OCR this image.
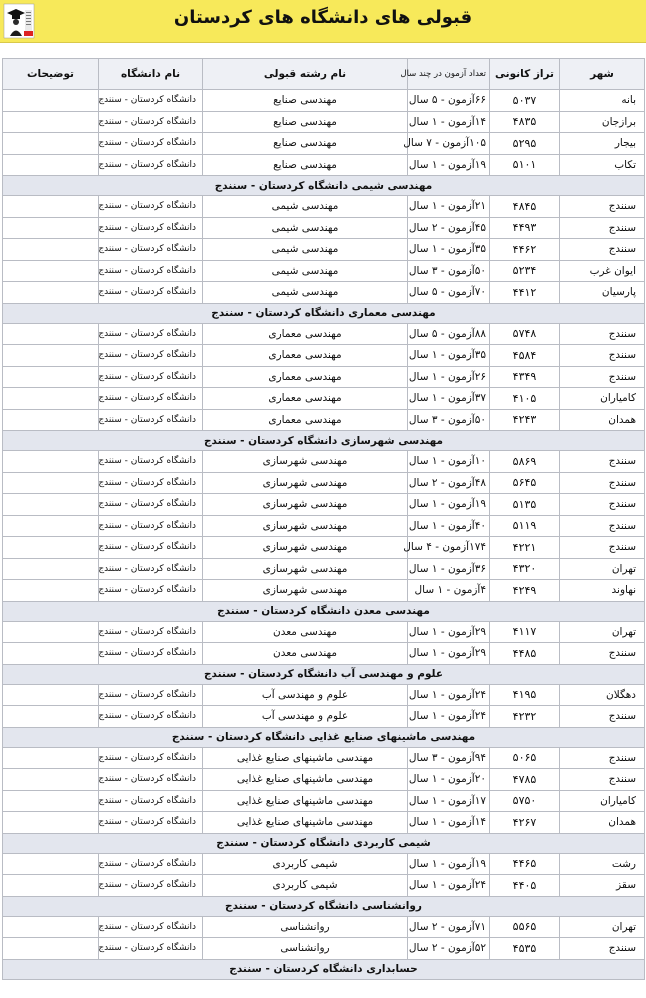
قبولی های دانشگاه های کردستان
شهر	تراز کانونی	تعداد آزمون در چند سال	نام رشته قبولی	نام دانشگاه	توضیحات
بانه	۵۰۳۷	۶۶آزمون - ۵ سال	مهندسی صنایع	دانشگاه کردستان - سنندج	
برازجان	۴۸۳۵	۱۴آزمون - ۱ سال	مهندسی صنایع	دانشگاه کردستان - سنندج	
بیجار	۵۲۹۵	۱۰۵آزمون - ۷ سال	مهندسی صنایع	دانشگاه کردستان - سنندج	
تکاب	۵۱۰۱	۱۹آزمون - ۱ سال	مهندسی صنایع	دانشگاه کردستان - سنندج	
مهندسی شیمی دانشگاه کردستان - سنندج					
سنندج	۴۸۴۵	۲۱آزمون - ۱ سال	مهندسی شیمی	دانشگاه کردستان - سنندج	
سنندج	۴۴۹۳	۴۵آزمون - ۲ سال	مهندسی شیمی	دانشگاه کردستان - سنندج	
سنندج	۴۴۶۲	۳۵آزمون - ۱ سال	مهندسی شیمی	دانشگاه کردستان - سنندج	
ایوان غرب	۵۲۳۴	۵۰آزمون - ۳ سال	مهندسی شیمی	دانشگاه کردستان - سنندج	
پارسیان	۴۴۱۲	۷۰آزمون - ۵ سال	مهندسی شیمی	دانشگاه کردستان - سنندج	
مهندسی معماری دانشگاه کردستان - سنندج					
سنندج	۵۷۴۸	۸۸آزمون - ۵ سال	مهندسی معماری	دانشگاه کردستان - سنندج	
سنندج	۴۵۸۴	۳۵آزمون - ۱ سال	مهندسی معماری	دانشگاه کردستان - سنندج	
سنندج	۴۳۴۹	۲۶آزمون - ۱ سال	مهندسی معماری	دانشگاه کردستان - سنندج	
کامیاران	۴۱۰۵	۳۷آزمون - ۱ سال	مهندسی معماری	دانشگاه کردستان - سنندج	
همدان	۴۲۴۳	۵۰آزمون - ۳ سال	مهندسی معماری	دانشگاه کردستان - سنندج	
مهندسی شهرسازی دانشگاه کردستان - سنندج					
سنندج	۵۸۶۹	۱۰آزمون - ۱ سال	مهندسی شهرسازی	دانشگاه کردستان - سنندج	
سنندج	۵۶۴۵	۴۸آزمون - ۲ سال	مهندسی شهرسازی	دانشگاه کردستان - سنندج	
سنندج	۵۱۳۵	۱۹آزمون - ۱ سال	مهندسی شهرسازی	دانشگاه کردستان - سنندج	
سنندج	۵۱۱۹	۴۰آزمون - ۱ سال	مهندسی شهرسازی	دانشگاه کردستان - سنندج	
سنندج	۴۲۲۱	۱۷۴آزمون - ۴ سال	مهندسی شهرسازی	دانشگاه کردستان - سنندج	
تهران	۴۳۲۰	۳۶آزمون - ۱ سال	مهندسی شهرسازی	دانشگاه کردستان - سنندج	
نهاوند	۴۲۴۹	۴آزمون - ۱ سال	مهندسی شهرسازی	دانشگاه کردستان - سنندج	
مهندسی معدن دانشگاه کردستان - سنندج					
تهران	۴۱۱۷	۲۹آزمون - ۱ سال	مهندسی معدن	دانشگاه کردستان - سنندج	
سنندج	۴۴۸۵	۲۹آزمون - ۱ سال	مهندسی معدن	دانشگاه کردستان - سنندج	
علوم و مهندسی آب دانشگاه کردستان - سنندج					
دهگلان	۴۱۹۵	۲۴آزمون - ۱ سال	علوم و مهندسی آب	دانشگاه کردستان - سنندج	
سنندج	۴۲۳۲	۲۴آزمون - ۱ سال	علوم و مهندسی آب	دانشگاه کردستان - سنندج	
مهندسی ماشینهای صنایع غذایی دانشگاه کردستان - سنندج					
سنندج	۵۰۶۵	۹۴آزمون - ۳ سال	مهندسی ماشینهای صنایع غذایی	دانشگاه کردستان - سنندج	
سنندج	۴۷۸۵	۲۰آزمون - ۱ سال	مهندسی ماشینهای صنایع غذایی	دانشگاه کردستان - سنندج	
کامیاران	۵۷۵۰	۱۷آزمون - ۱ سال	مهندسی ماشینهای صنایع غذایی	دانشگاه کردستان - سنندج	
همدان	۴۲۶۷	۱۴آزمون - ۱ سال	مهندسی ماشینهای صنایع غذایی	دانشگاه کردستان - سنندج	
شیمی کاربردی دانشگاه کردستان - سنندج					
رشت	۴۴۶۵	۱۹آزمون - ۱ سال	شیمی کاربردی	دانشگاه کردستان - سنندج	
سقز	۴۴۰۵	۲۴آزمون - ۱ سال	شیمی کاربردی	دانشگاه کردستان - سنندج	
روانشناسی دانشگاه کردستان - سنندج					
تهران	۵۵۶۵	۷۱آزمون - ۲ سال	روانشناسی	دانشگاه کردستان - سنندج	
سنندج	۴۵۳۵	۵۲آزمون - ۲ سال	روانشناسی	دانشگاه کردستان - سنندج	
حسابداری دانشگاه کردستان - سنندج					
